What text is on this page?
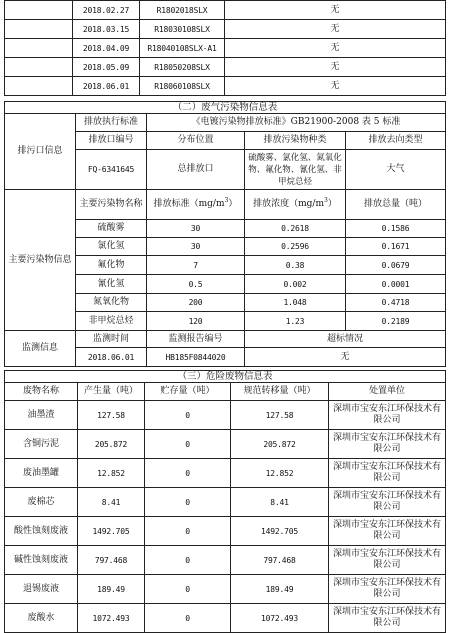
	2018.02.27	R1802018SLX	无
	2018.03.15	R18030108SLX	无
	2018.04.09	R18040108SLX-A1	无
	2018.05.09	R18050208SLX	无
	2018.06.01	R18060108SLX	无
（二）废气污染物信息表				
排污口信息	排放执行标准	《电镀污染物排放标准》GB21900-2008 表 5 标准		
	排放口编号	分布位置	排放污染物种类	排放去向类型
	FQ-6341645	总排放口	硫酸雾、氯化氢、氮氧化物、氟化物、氰化氢、非甲烷总烃	大气
主要污染物信息	主要污染物名称	排放标准$(mg/m^3)$	排放浓度$(mg/m^3)$	排放总量（吨）
	硫酸雾	30	0.2618	0.1586
	氯化氢	30	0.2596	0.1671
	氟化物	7	0.38	0.0679
	氰化氢	0.5	0.002	0.0001
	氮氧化物	200	1.048	0.4718
	非甲烷总烃	120	1.23	0.2189
监测信息	监测时间	监测报告编号	超标情况	
	2018.06.01	HB185F0844020	无	
（三）危险废物信息表				
废物名称	产生量（吨）	贮存量（吨）	规范转移量（吨）	处置单位
油墨渣	127.58	0	127.58	深圳市宝安东江环保技术有限公司
含铜污泥	205.872	0	205.872	深圳市宝安东江环保技术有限公司
废油墨罐	12.852	0	12.852	深圳市宝安东江环保技术有限公司
废棉芯	8.41	0	8.41	深圳市宝安东江环保技术有限公司
酸性蚀刻废液	1492.705	0	1492.705	深圳市宝安东江环保技术有限公司
碱性蚀刻废液	797.468	0	797.468	深圳市宝安东江环保技术有限公司
退锡废液	189.49	0	189.49	深圳市宝安东江环保技术有限公司
废酸水	1072.493	0	1072.493	深圳市宝安东江环保技术有限公司
